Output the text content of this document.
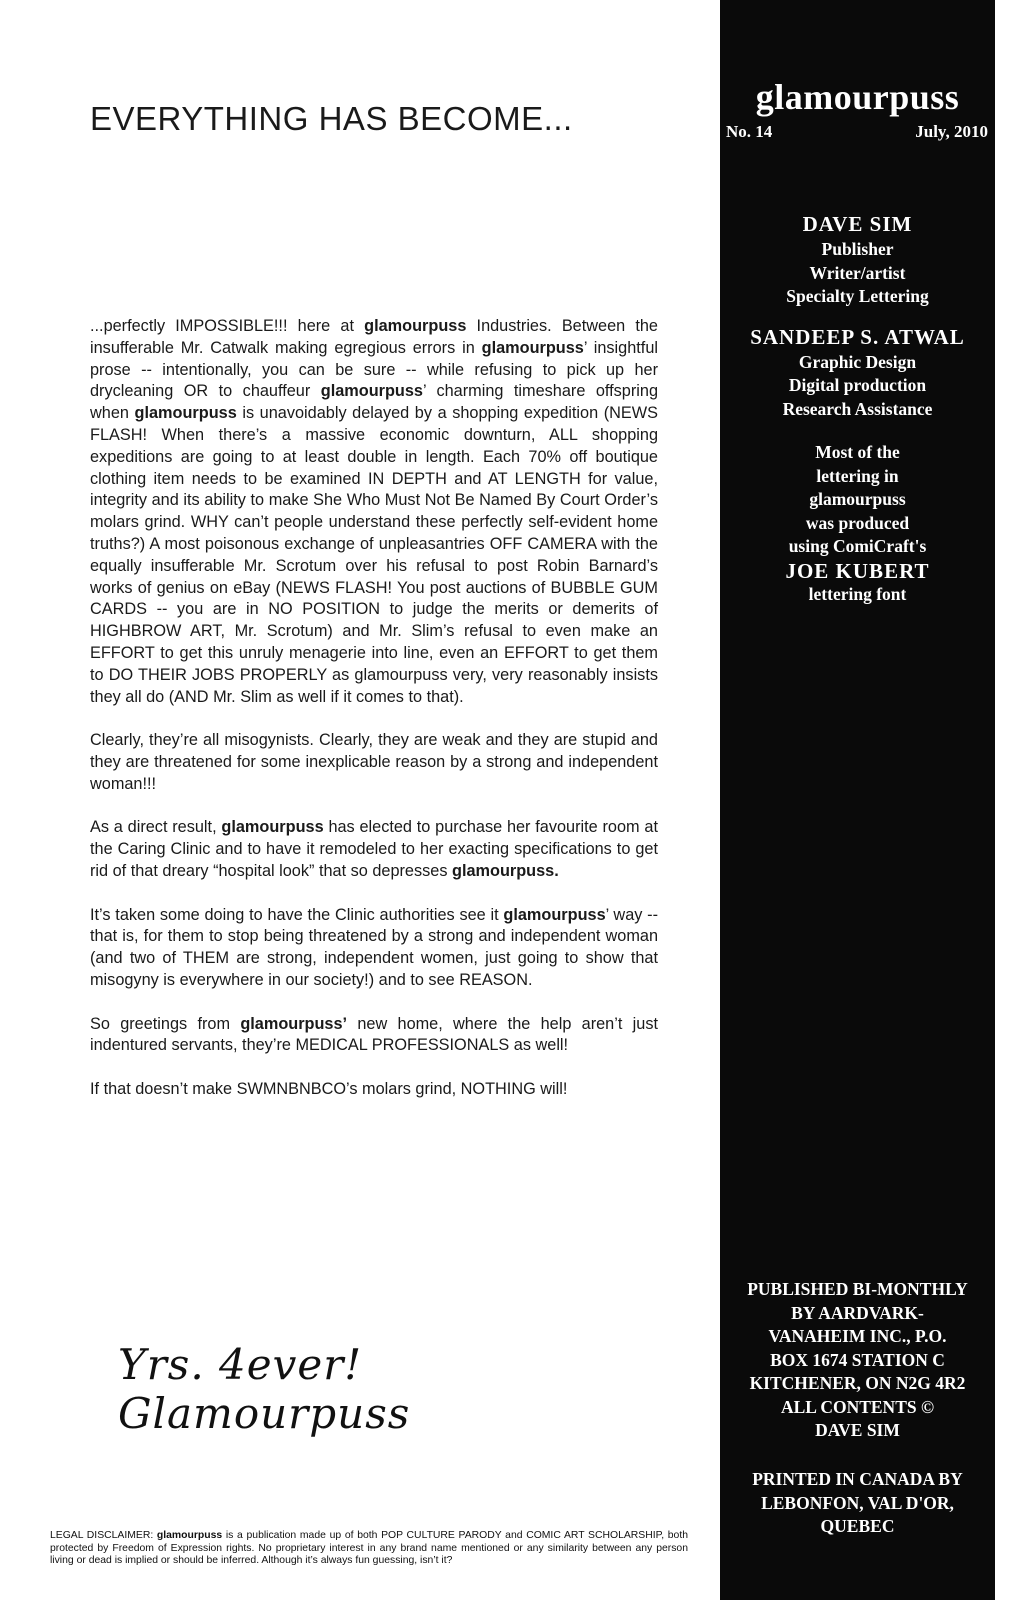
EVERYTHING HAS BECOME...

...perfectly IMPOSSIBLE!!! here at glamourpuss Industries. Between the insufferable Mr. Catwalk making egregious errors in glamourpuss’ insightful prose -- intentionally, you can be sure -- while refusing to pick up her drycleaning OR to chauffeur glamourpuss’ charming timeshare offspring when glamourpuss is unavoidably delayed by a shopping expedition (NEWS FLASH! When there’s a massive economic downturn, ALL shopping expeditions are going to at least double in length. Each 70% off boutique clothing item needs to be examined IN DEPTH and AT LENGTH for value, integrity and its ability to make She Who Must Not Be Named By Court Order’s molars grind. WHY can’t people understand these perfectly self-evident home truths?) A most poisonous exchange of unpleasantries OFF CAMERA with the equally insufferable Mr. Scrotum over his refusal to post Robin Barnard’s works of genius on eBay (NEWS FLASH! You post auctions of BUBBLE GUM CARDS -- you are in NO POSITION to judge the merits or demerits of HIGHBROW ART, Mr. Scrotum) and Mr. Slim’s refusal to even make an EFFORT to get this unruly menagerie into line, even an EFFORT to get them to DO THEIR JOBS PROPERLY as glamourpuss very, very reasonably insists they all do (AND Mr. Slim as well if it comes to that).

Clearly, they’re all misogynists. Clearly, they are weak and they are stupid and they are threatened for some inexplicable reason by a strong and independent woman!!!

As a direct result, glamourpuss has elected to purchase her favourite room at the Caring Clinic and to have it remodeled to her exacting specifications to get rid of that dreary “hospital look” that so depresses glamourpuss.

It’s taken some doing to have the Clinic authorities see it glamourpuss’ way -- that is, for them to stop being threatened by a strong and independent woman (and two of THEM are strong, independent women, just going to show that misogyny is everywhere in our society!) and to see REASON.

So greetings from glamourpuss’ new home, where the help aren’t just indentured servants, they’re MEDICAL PROFESSIONALS as well!

If that doesn’t make SWMNBNBCO’s molars grind, NOTHING will!

Yrs. 4ever! Glamourpuss
LEGAL DISCLAIMER: glamourpuss is a publication made up of both POP CULTURE PARODY and COMIC ART SCHOLARSHIP, both protected by Freedom of Expression rights. No proprietary interest in any brand name mentioned or any similarity between any person living or dead is implied or should be inferred. Although it’s always fun guessing, isn’t it?
glamourpuss
No. 14	July, 2010
DAVE SIM
Publisher
Writer/artist
Specialty Lettering
SANDEEP S. ATWAL
Graphic Design
Digital production
Research Assistance
Most of the
lettering in
glamourpuss
was produced
using ComiCraft's
JOE KUBERT
lettering font
PUBLISHED BI-MONTHLY
BY AARDVARK-
VANAHEIM INC., P.O.
BOX 1674 STATION C
KITCHENER, ON N2G 4R2
ALL CONTENTS ©
DAVE SIM
PRINTED IN CANADA BY
LEBONFON, VAL D'OR,
QUEBEC
